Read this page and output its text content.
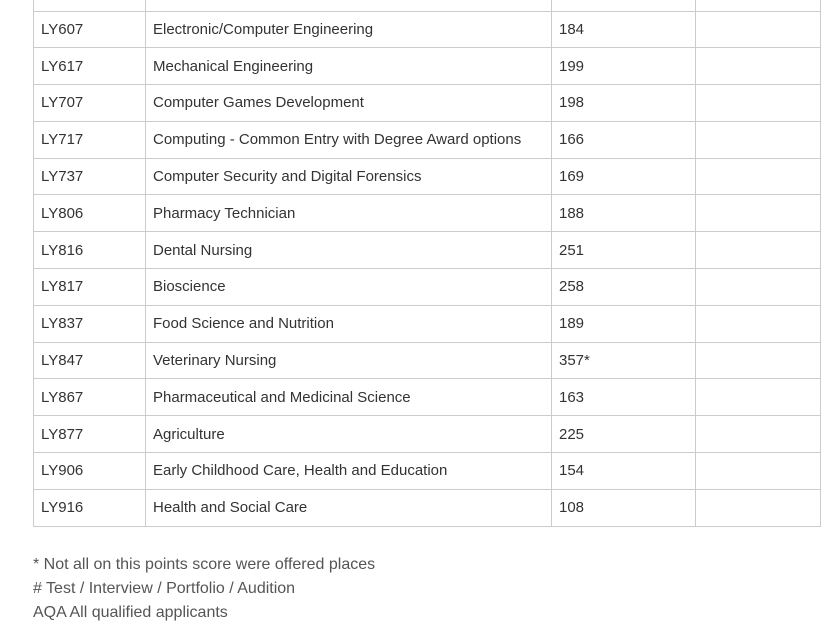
LY607	Electronic/Computer Engineering	184	
LY617	Mechanical Engineering	199	
LY707	Computer Games Development	198	
LY717	Computing - Common Entry with Degree Award options	166	
LY737	Computer Security and Digital Forensics	169	
LY806	Pharmacy Technician	188	
LY816	Dental Nursing	251	
LY817	Bioscience	258	
LY837	Food Science and Nutrition	189	
LY847	Veterinary Nursing	357*	
LY867	Pharmaceutical and Medicinal Science	163	
LY877	Agriculture	225	
LY906	Early Childhood Care, Health and Education	154	
LY916	Health and Social Care	108	
* Not all on this points score were offered places
# Test / Interview / Portfolio / Audition
AQA All qualified applicants
